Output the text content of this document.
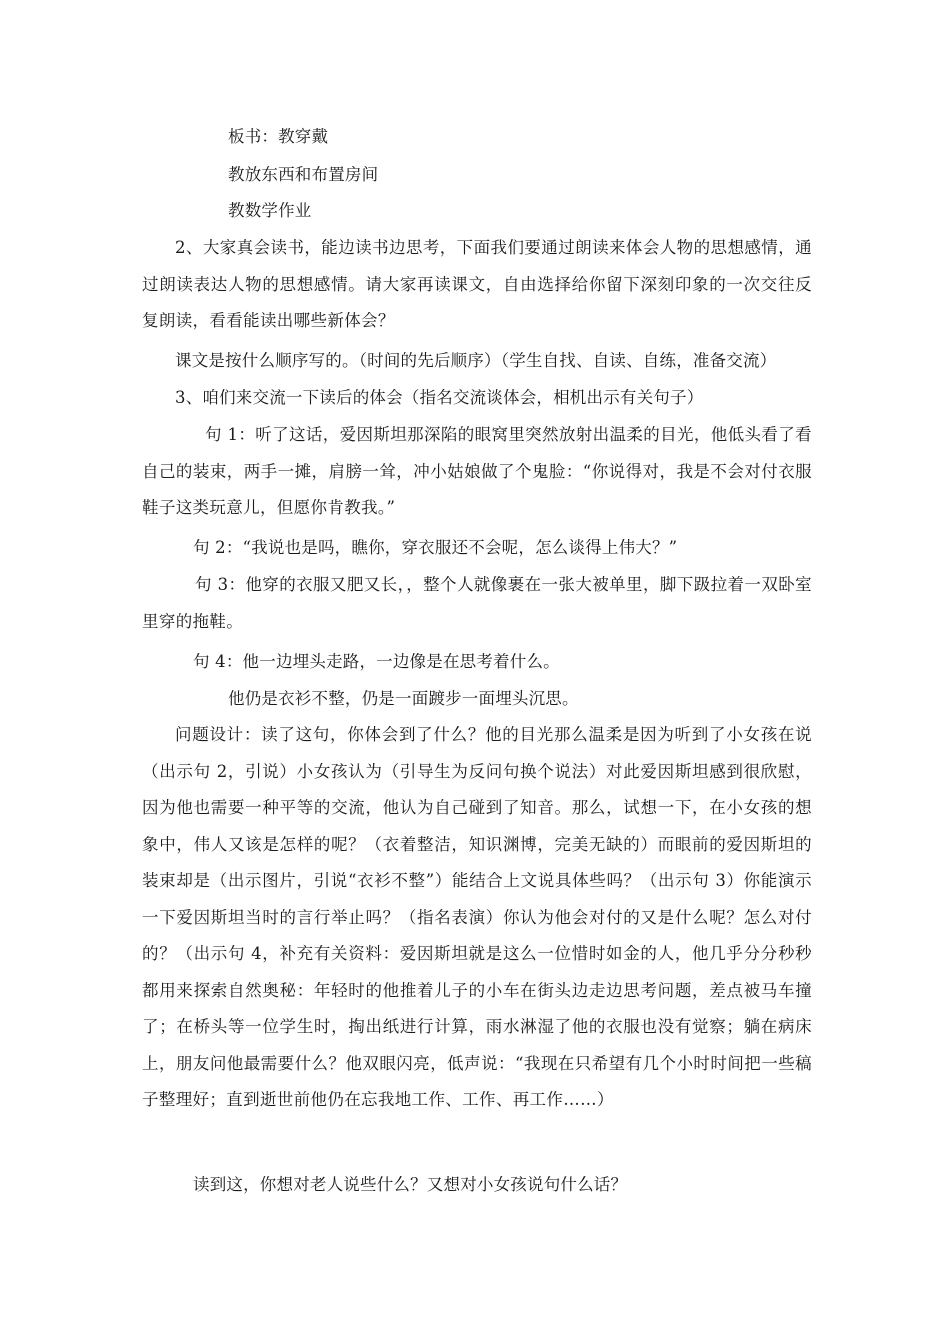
板书：教穿戴
教放东西和布置房间
教数学作业

2、大家真会读书，能边读书边思考，下面我们要通过朗读来体会人物的思想感情，通过朗读表达人物的思想感情。请大家再读课文，自由选择给你留下深刻印象的一次交往反复朗读，看看能读出哪些新体会？

课文是按什么顺序写的。（时间的先后顺序）（学生自找、自读、自练，准备交流）
3、咱们来交流一下读后的体会（指名交流谈体会，相机出示有关句子）

句 1：听了这话，爱因斯坦那深陷的眼窝里突然放射出温柔的目光，他低头看了看自己的装束，两手一摊，肩膀一耸，冲小姑娘做了个鬼脸：“你说得对，我是不会对付衣服鞋子这类玩意儿，但愿你肯教我。”

句 2：“我说也是吗，瞧你，穿衣服还不会呢，怎么谈得上伟大？”

句 3：他穿的衣服又肥又长，，整个人就像裹在一张大被单里，脚下趿拉着一双卧室里穿的拖鞋。

句 4：他一边埋头走路，一边像是在思考着什么。
他仍是衣衫不整，仍是一面踱步一面埋头沉思。

问题设计：读了这句，你体会到了什么？他的目光那么温柔是因为听到了小女孩在说（出示句 2，引说）小女孩认为（引导生为反问句换个说法）对此爱因斯坦感到很欣慰，因为他也需要一种平等的交流，他认为自己碰到了知音。那么，试想一下，在小女孩的想象中，伟人又该是怎样的呢？（衣着整洁，知识渊博，完美无缺的）而眼前的爱因斯坦的装束却是（出示图片，引说“衣衫不整”）能结合上文说具体些吗？（出示句 3）你能演示一下爱因斯坦当时的言行举止吗？（指名表演）你认为他会对付的又是什么呢？怎么对付的？（出示句 4，补充有关资料：爱因斯坦就是这么一位惜时如金的人，他几乎分分秒秒都用来探索自然奥秘：年轻时的他推着儿子的小车在街头边走边思考问题，差点被马车撞了；在桥头等一位学生时，掏出纸进行计算，雨水淋湿了他的衣服也没有觉察；躺在病床上，朋友问他最需要什么？他双眼闪亮，低声说：“我现在只希望有几个小时时间把一些稿子整理好；直到逝世前他仍在忘我地工作、工作、再工作……）

读到这，你想对老人说些什么？又想对小女孩说句什么话？
